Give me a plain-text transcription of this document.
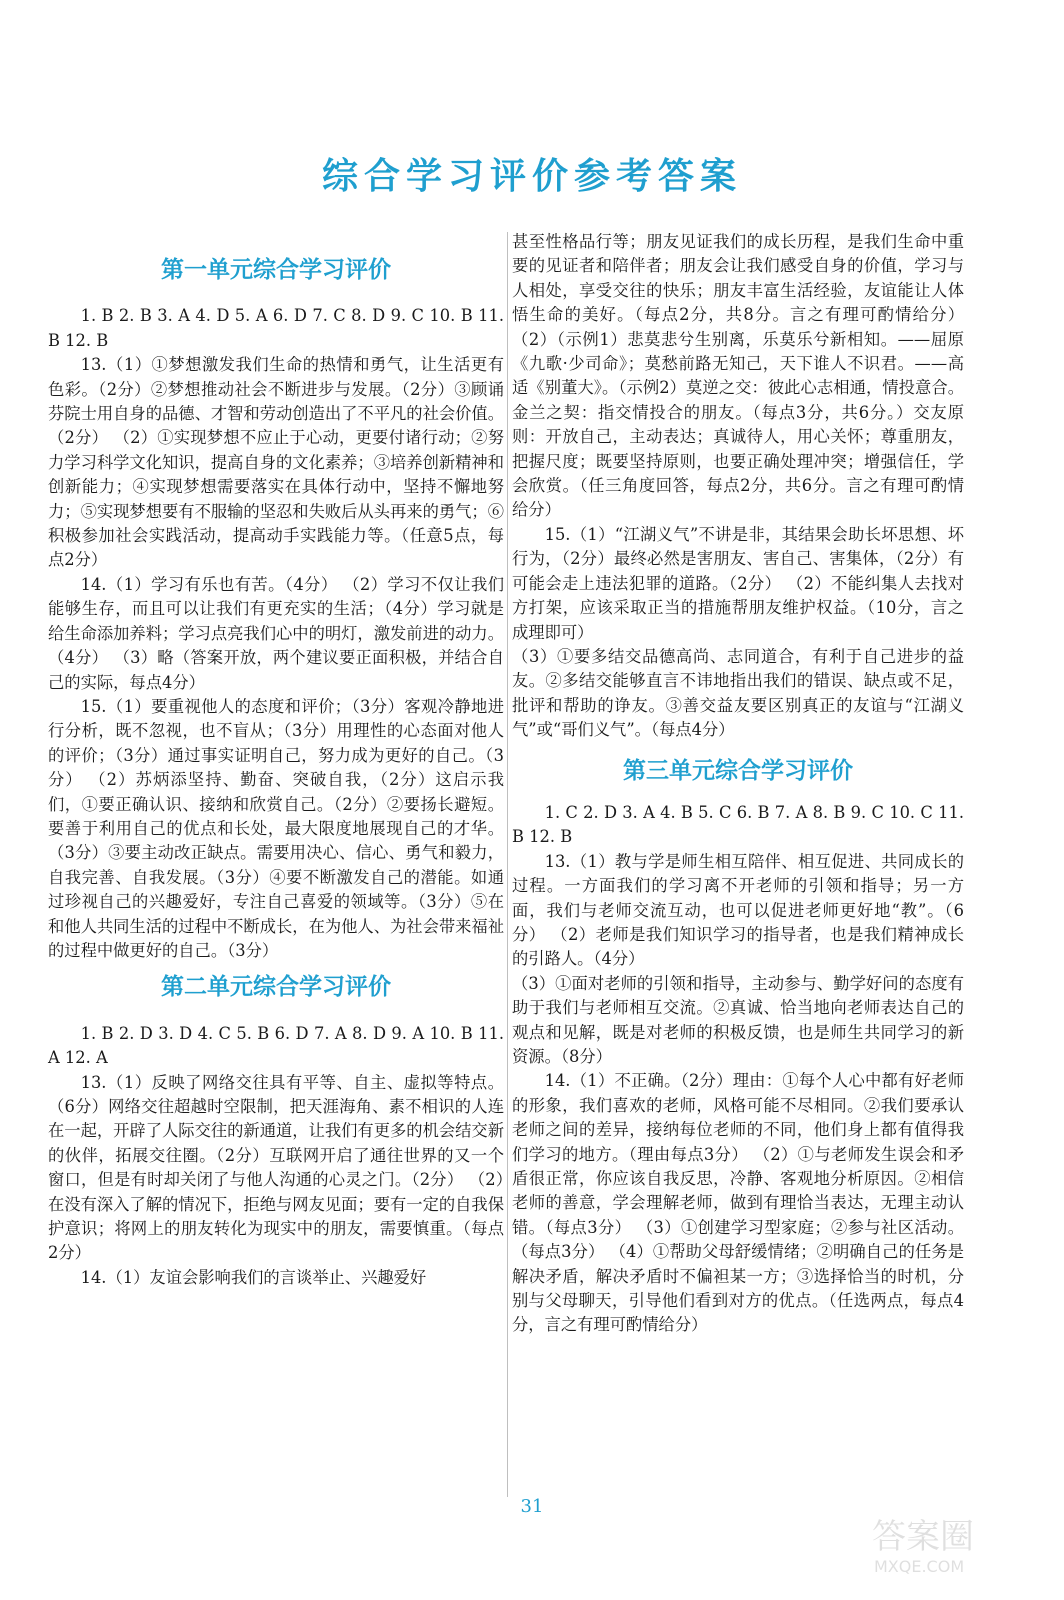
综合学习评价参考答案
第一单元综合学习评价

1. B 2. B 3. A 4. D 5. A 6. D 7. C 8. D 9. C 10. B 11. B 12. B

13.（1）①梦想激发我们生命的热情和勇气，让生活更有色彩。（2分）②梦想推动社会不断进步与发展。（2分）③顾诵芬院士用自身的品德、才智和劳动创造出了不平凡的社会价值。（2分） （2）①实现梦想不应止于心动，更要付诸行动；②努力学习科学文化知识，提高自身的文化素养；③培养创新精神和创新能力；④实现梦想需要落实在具体行动中，坚持不懈地努力；⑤实现梦想要有不服输的坚忍和失败后从头再来的勇气；⑥积极参加社会实践活动，提高动手实践能力等。（任意5点，每点2分）

14.（1）学习有乐也有苦。（4分） （2）学习不仅让我们能够生存，而且可以让我们有更充实的生活；（4分）学习就是给生命添加养料；学习点亮我们心中的明灯，激发前进的动力。（4分） （3）略（答案开放，两个建议要正面积极，并结合自己的实际，每点4分）

15.（1）要重视他人的态度和评价；（3分）客观冷静地进行分析，既不忽视，也不盲从；（3分）用理性的心态面对他人的评价；（3分）通过事实证明自己，努力成为更好的自己。（3分） （2）苏炳添坚持、勤奋、突破自我，（2分）这启示我们，①要正确认识、接纳和欣赏自己。（2分）②要扬长避短。要善于利用自己的优点和长处，最大限度地展现自己的才华。（3分）③要主动改正缺点。需要用决心、信心、勇气和毅力，自我完善、自我发展。（3分）④要不断激发自己的潜能。如通过珍视自己的兴趣爱好，专注自己喜爱的领域等。（3分）⑤在和他人共同生活的过程中不断成长，在为他人、为社会带来福祉的过程中做更好的自己。（3分）

第二单元综合学习评价

1. B 2. D 3. D 4. C 5. B 6. D 7. A 8. D 9. A 10. B 11. A 12. A

13.（1）反映了网络交往具有平等、自主、虚拟等特点。（6分）网络交往超越时空限制，把天涯海角、素不相识的人连在一起，开辟了人际交往的新通道，让我们有更多的机会结交新的伙伴，拓展交往圈。（2分）互联网开启了通往世界的又一个窗口，但是有时却关闭了与他人沟通的心灵之门。（2分） （2）在没有深入了解的情况下，拒绝与网友见面；要有一定的自我保护意识；将网上的朋友转化为现实中的朋友，需要慎重。（每点2分）

14.（1）友谊会影响我们的言谈举止、兴趣爱好

甚至性格品行等；朋友见证我们的成长历程，是我们生命中重要的见证者和陪伴者；朋友会让我们感受自身的价值，学习与人相处，享受交往的快乐；朋友丰富生活经验，友谊能让人体悟生命的美好。（每点2分，共8分。言之有理可酌情给分） （2）（示例1）悲莫悲兮生别离，乐莫乐兮新相知。——屈原《九歌·少司命》；莫愁前路无知己，天下谁人不识君。——高适《别董大》。（示例2）莫逆之交：彼此心志相通，情投意合。金兰之契：指交情投合的朋友。（每点3分，共6分。）交友原则：开放自己，主动表达；真诚待人，用心关怀；尊重朋友，把握尺度；既要坚持原则，也要正确处理冲突；增强信任，学会欣赏。（任三角度回答，每点2分，共6分。言之有理可酌情给分）

15.（1）“江湖义气”不讲是非，其结果会助长坏思想、坏行为，（2分）最终必然是害朋友、害自己、害集体，（2分）有可能会走上违法犯罪的道路。（2分） （2）不能纠集人去找对方打架，应该采取正当的措施帮朋友维护权益。（10分，言之成理即可）

（3）①要多结交品德高尚、志同道合，有利于自己进步的益友。②多结交能够直言不讳地指出我们的错误、缺点或不足，批评和帮助的诤友。③善交益友要区别真正的友谊与“江湖义气”或“哥们义气”。（每点4分）

第三单元综合学习评价

1. C 2. D 3. A 4. B 5. C 6. B 7. A 8. B 9. C 10. C 11. B 12. B

13.（1）教与学是师生相互陪伴、相互促进、共同成长的过程。一方面我们的学习离不开老师的引领和指导；另一方面，我们与老师交流互动，也可以促进老师更好地“教”。（6分） （2）老师是我们知识学习的指导者，也是我们精神成长的引路人。（4分）

（3）①面对老师的引领和指导，主动参与、勤学好问的态度有助于我们与老师相互交流。②真诚、恰当地向老师表达自己的观点和见解，既是对老师的积极反馈，也是师生共同学习的新资源。（8分）

14.（1）不正确。（2分）理由：①每个人心中都有好老师的形象，我们喜欢的老师，风格可能不尽相同。②我们要承认老师之间的差异，接纳每位老师的不同，他们身上都有值得我们学习的地方。（理由每点3分） （2）①与老师发生误会和矛盾很正常，你应该自我反思，冷静、客观地分析原因。②相信老师的善意，学会理解老师，做到有理恰当表达，无理主动认错。（每点3分） （3）①创建学习型家庭；②参与社区活动。（每点3分） （4）①帮助父母舒缓情绪；②明确自己的任务是解决矛盾，解决矛盾时不偏袒某一方；③选择恰当的时机，分别与父母聊天，引导他们看到对方的优点。（任选两点，每点4分，言之有理可酌情给分）

31
答案圈
MXQE.COM
